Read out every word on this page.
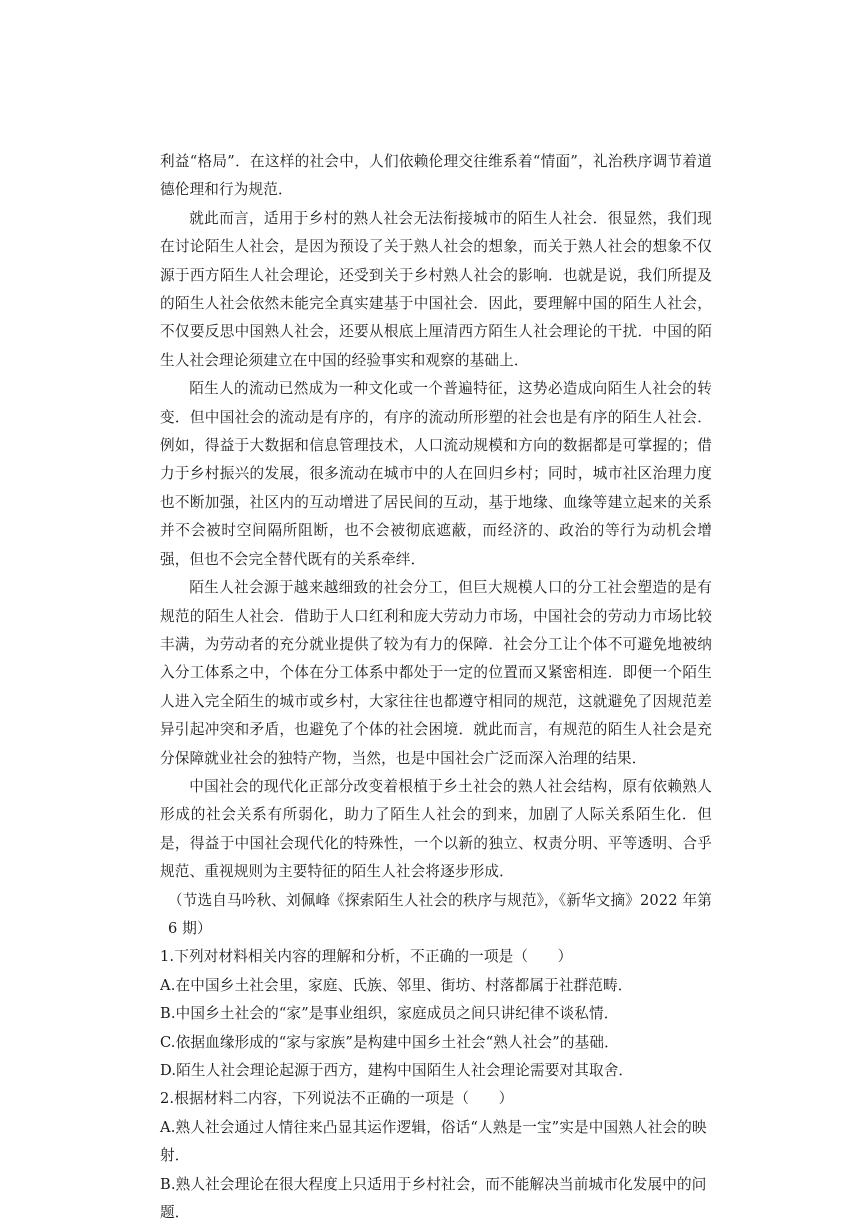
利益“格局”．在这样的社会中，人们依赖伦理交往维系着“情面”，礼治秩序调节着道德伦理和行为规范．

就此而言，适用于乡村的熟人社会无法衔接城市的陌生人社会．很显然，我们现在讨论陌生人社会，是因为预设了关于熟人社会的想象，而关于熟人社会的想象不仅源于西方陌生人社会理论，还受到关于乡村熟人社会的影响．也就是说，我们所提及的陌生人社会依然未能完全真实建基于中国社会．因此，要理解中国的陌生人社会，不仅要反思中国熟人社会，还要从根底上厘清西方陌生人社会理论的干扰．中国的陌生人社会理论须建立在中国的经验事实和观察的基础上．

陌生人的流动已然成为一种文化或一个普遍特征，这势必造成向陌生人社会的转变．但中国社会的流动是有序的，有序的流动所形塑的社会也是有序的陌生人社会．例如，得益于大数据和信息管理技术，人口流动规模和方向的数据都是可掌握的；借力于乡村振兴的发展，很多流动在城市中的人在回归乡村；同时，城市社区治理力度也不断加强，社区内的互动增进了居民间的互动，基于地缘、血缘等建立起来的关系并不会被时空间隔所阻断，也不会被彻底遮蔽，而经济的、政治的等行为动机会增强，但也不会完全替代既有的关系牵绊．

陌生人社会源于越来越细致的社会分工，但巨大规模人口的分工社会塑造的是有规范的陌生人社会．借助于人口红利和庞大劳动力市场，中国社会的劳动力市场比较丰满，为劳动者的充分就业提供了较为有力的保障．社会分工让个体不可避免地被纳入分工体系之中，个体在分工体系中都处于一定的位置而又紧密相连．即便一个陌生人进入完全陌生的城市或乡村，大家往往也都遵守相同的规范，这就避免了因规范差异引起冲突和矛盾，也避免了个体的社会困境．就此而言，有规范的陌生人社会是充分保障就业社会的独特产物，当然，也是中国社会广泛而深入治理的结果．

中国社会的现代化正部分改变着根植于乡土社会的熟人社会结构，原有依赖熟人形成的社会关系有所弱化，助力了陌生人社会的到来，加剧了人际关系陌生化．但是，得益于中国社会现代化的特殊性，一个以新的独立、权责分明、平等透明、合乎规范、重视规则为主要特征的陌生人社会将逐步形成．

（节选自马吟秋、刘佩峰《探索陌生人社会的秩序与规范》，《新华文摘》2022 年第 6 期）

1.下列对材料相关内容的理解和分析，不正确的一项是（　　）

A.在中国乡土社会里，家庭、氏族、邻里、街坊、村落都属于社群范畴．

B.中国乡土社会的“家”是事业组织，家庭成员之间只讲纪律不谈私情．

C.依据血缘形成的“家与家族”是构建中国乡土社会“熟人社会”的基础．

D.陌生人社会理论起源于西方，建构中国陌生人社会理论需要对其取舍．

2.根据材料二内容，下列说法不正确的一项是（　　）

A.熟人社会通过人情往来凸显其运作逻辑，俗话“人熟是一宝”实是中国熟人社会的映射．

B.熟人社会理论在很大程度上只适用于乡村社会，而不能解决当前城市化发展中的问题．
